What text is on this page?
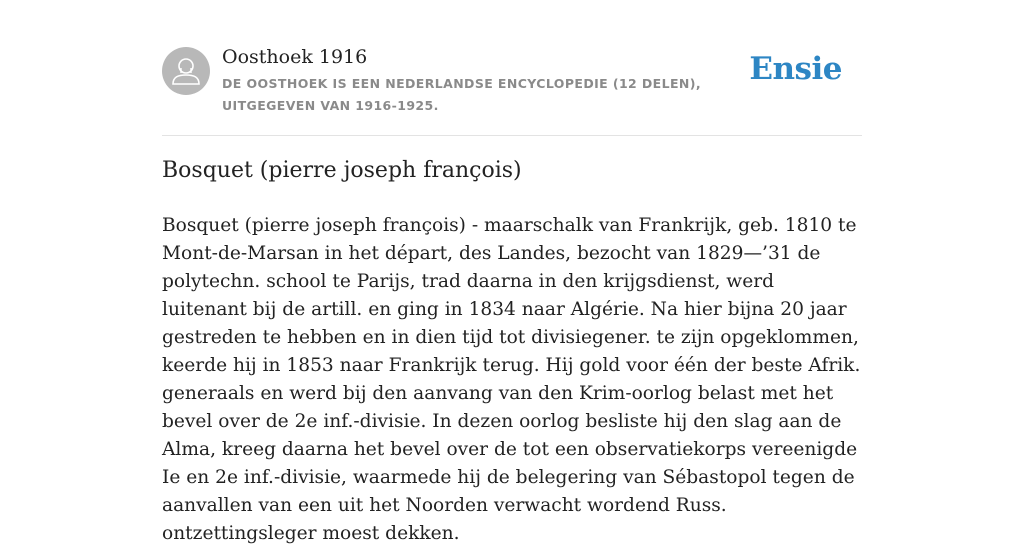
Oosthoek 1916
DE OOSTHOEK IS EEN NEDERLANDSE ENCYCLOPEDIE (12 DELEN), UITGEGEVEN VAN 1916-1925.
Ensie
Bosquet (pierre joseph françois)

Bosquet (pierre joseph françois) - maarschalk van Frankrijk, geb. 1810 te Mont-de-Marsan in het départ, des Landes, bezocht van 1829—’31 de polytechn. school te Parijs, trad daarna in den krijgsdienst, werd luitenant bij de artill. en ging in 1834 naar Algérie. Na hier bijna 20 jaar gestreden te hebben en in dien tijd tot divisiegener. te zijn opgeklommen, keerde hij in 1853 naar Frankrijk terug. Hij gold voor één der beste Afrik. generaals en werd bij den aanvang van den Krim-oorlog belast met het bevel over de 2e inf.-divisie. In dezen oorlog besliste hij den slag aan de Alma, kreeg daarna het bevel over de tot een observatiekorps vereenigde Ie en 2e inf.-divisie, waarmede hij de belegering van Sébastopol tegen de aanvallen van een uit het Noorden verwacht wordend Russ. ontzettingsleger moest dekken.
